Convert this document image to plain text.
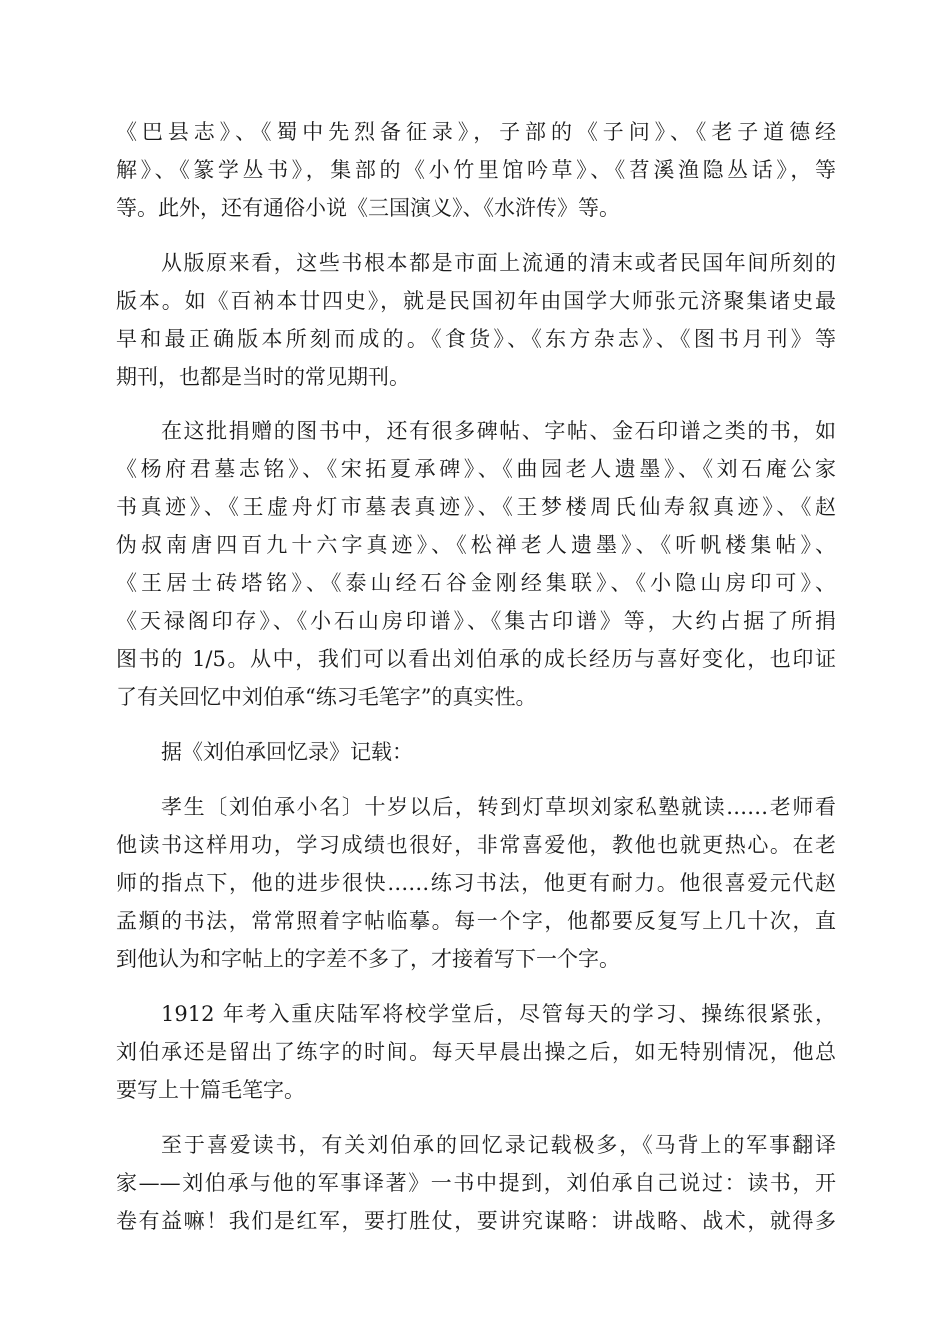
《巴县志》、《蜀中先烈备征录》，子部的《子问》、《老子道德经
解》、《篆学丛书》，集部的《小竹里馆吟草》、《苕溪渔隐丛话》，等
等。此外，还有通俗小说《三国演义》、《水浒传》等。
从版原来看，这些书根本都是市面上流通的清末或者民国年间所刻的
版本。如《百衲本廿四史》，就是民国初年由国学大师张元济聚集诸史最
早和最正确版本所刻而成的。《食货》、《东方杂志》、《图书月刊》等
期刊，也都是当时的常见期刊。
在这批捐赠的图书中，还有很多碑帖、字帖、金石印谱之类的书，如
《杨府君墓志铭》、《宋拓夏承碑》、《曲园老人遗墨》、《刘石庵公家
书真迹》、《王虚舟灯市墓表真迹》、《王梦楼周氏仙寿叙真迹》、《赵
伪叔南唐四百九十六字真迹》、《松禅老人遗墨》、《听帆楼集帖》、
《王居士砖塔铭》、《泰山经石谷金刚经集联》、《小隐山房印可》、
《天禄阁印存》、《小石山房印谱》、《集古印谱》等，大约占据了所捐
图书的 1/5。从中，我们可以看出刘伯承的成长经历与喜好变化，也印证
了有关回忆中刘伯承“练习毛笔字”的真实性。
据《刘伯承回忆录》记载：
孝生〔刘伯承小名〕十岁以后，转到灯草坝刘家私塾就读……老师看
他读书这样用功，学习成绩也很好，非常喜爱他，教他也就更热心。在老
师的指点下，他的进步很快……练习书法，他更有耐力。他很喜爱元代赵
孟頫的书法，常常照着字帖临摹。每一个字，他都要反复写上几十次，直
到他认为和字帖上的字差不多了，才接着写下一个字。
1912 年考入重庆陆军将校学堂后，尽管每天的学习、操练很紧张，
刘伯承还是留出了练字的时间。每天早晨出操之后，如无特别情况，他总
要写上十篇毛笔字。
至于喜爱读书，有关刘伯承的回忆录记载极多，《马背上的军事翻译
家——刘伯承与他的军事译著》一书中提到，刘伯承自己说过：读书，开
卷有益嘛！我们是红军，要打胜仗，要讲究谋略：讲战略、战术，就得多
